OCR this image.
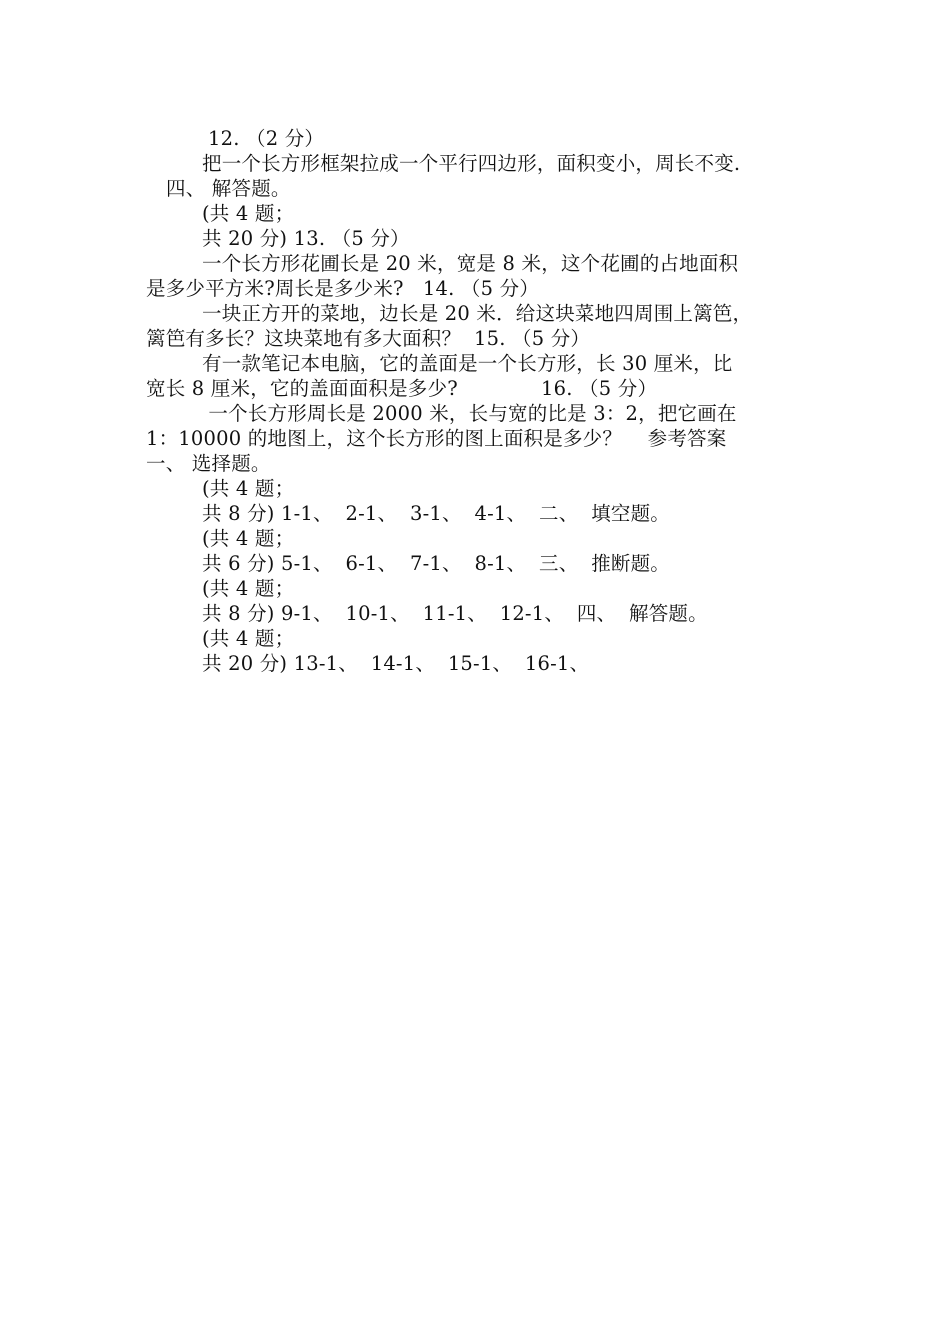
12. （2 分）
把一个长方形框架拉成一个平行四边形，面积变小，周长不变.
四、 解答题。
(共 4 题；
共 20 分) 13. （5 分）
一个长方形花圃长是 20 米，宽是 8 米，这个花圃的占地面积
是多少平方米?周长是多少米?   14. （5 分）
一块正方开的菜地，边长是 20 米．给这块菜地四周围上篱笆，
篱笆有多长？这块菜地有多大面积？  15. （5 分）
有一款笔记本电脑，它的盖面是一个长方形，长 30 厘米，比
宽长 8 厘米，它的盖面面积是多少?             16. （5 分）
一个长方形周长是 2000 米，长与宽的比是 3：2，把它画在
1：10000 的地图上，这个长方形的图上面积是多少？    参考答案
一、 选择题。
(共 4 题；
共 8 分) 1-1、  2-1、  3-1、  4-1、  二、  填空题。
(共 4 题；
共 6 分) 5-1、  6-1、  7-1、  8-1、  三、  推断题。
(共 4 题；
共 8 分) 9-1、  10-1、  11-1、  12-1、  四、  解答题。
(共 4 题；
共 20 分) 13-1、  14-1、  15-1、  16-1、
